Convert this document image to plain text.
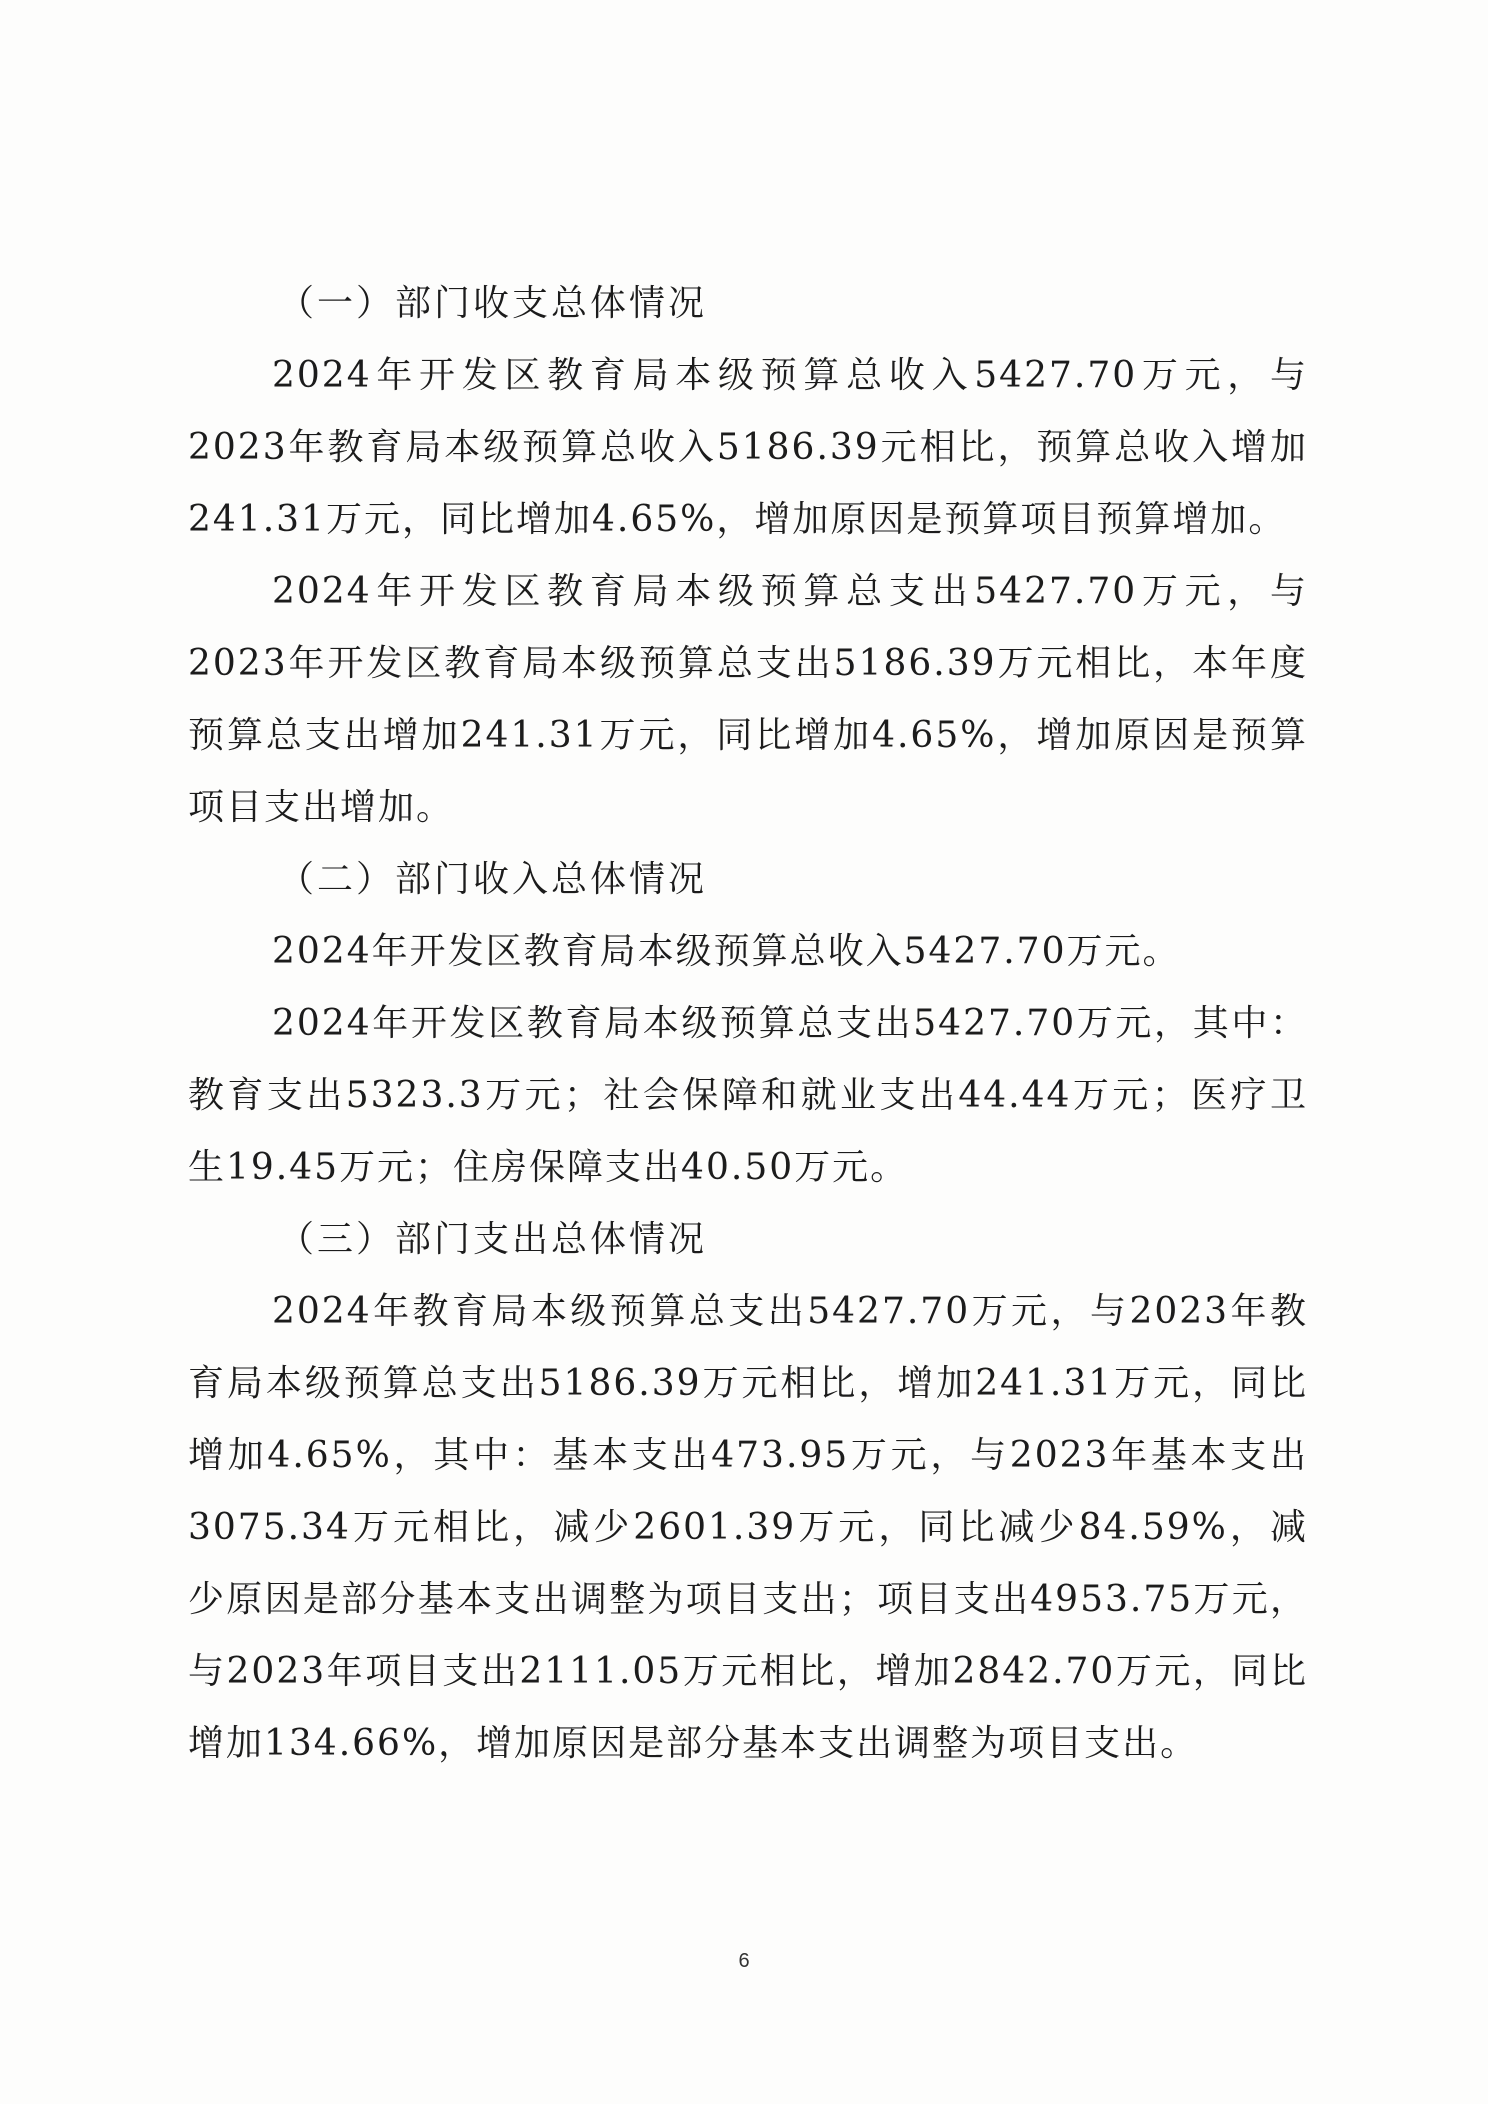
（一）部门收支总体情况

2024年开发区教育局本级预算总收入5427.70万元，与2023年教育局本级预算总收入5186.39元相比，预算总收入增加241.31万元，同比增加4.65%，增加原因是预算项目预算增加。

2024年开发区教育局本级预算总支出5427.70万元，与2023年开发区教育局本级预算总支出5186.39万元相比，本年度预算总支出增加241.31万元，同比增加4.65%，增加原因是预算项目支出增加。

（二）部门收入总体情况

2024年开发区教育局本级预算总收入5427.70万元。

2024年开发区教育局本级预算总支出5427.70万元，其中：教育支出5323.3万元；社会保障和就业支出44.44万元；医疗卫生19.45万元；住房保障支出40.50万元。

（三）部门支出总体情况

2024年教育局本级预算总支出5427.70万元，与2023年教育局本级预算总支出5186.39万元相比，增加241.31万元，同比增加4.65%，其中：基本支出473.95万元，与2023年基本支出3075.34万元相比，减少2601.39万元，同比减少84.59%，减少原因是部分基本支出调整为项目支出；项目支出4953.75万元，与2023年项目支出2111.05万元相比，增加2842.70万元，同比增加134.66%，增加原因是部分基本支出调整为项目支出。

6
